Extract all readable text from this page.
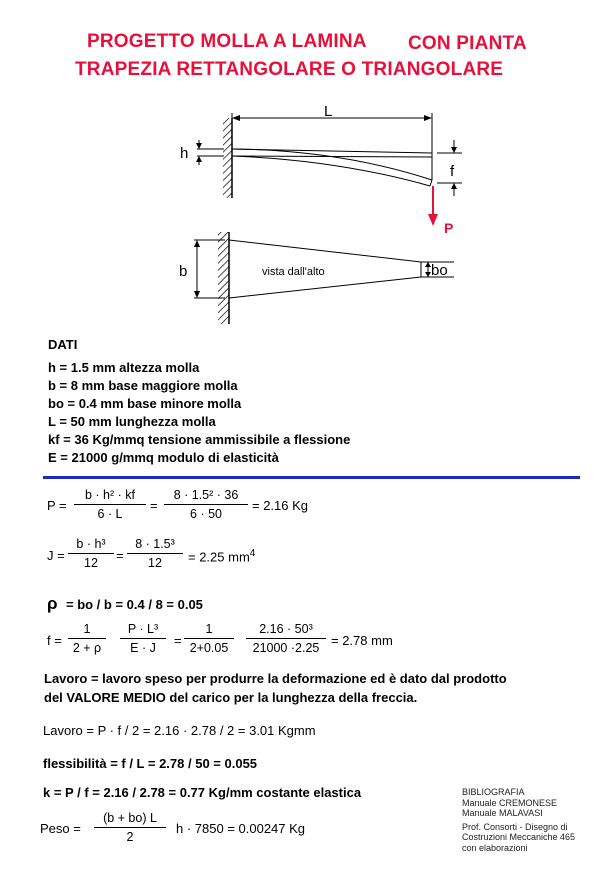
PROGETTO MOLLA A LAMINA CON PIANTA
TRAPEZIA RETTANGOLARE O TRIANGOLARE
L
h
f
P
vista dall'alto
b	bo
DATI
h = 1.5 mm altezza molla
b = 8 mm base maggiore molla
bo = 0.4 mm base minore molla
L = 50 mm lunghezza molla
kf = 36 Kg/mmq tensione ammissibile a flessione
E = 21000 g/mmq modulo di elasticità
$P = \frac{\text{b · h² · kf}}{6 \cdot L} = \frac{\text{8 · 1.5² · 36}}{6 \cdot 50} = 2.16$ Kg
$J = \frac{\text{b · h³}}{12} = \frac{\text{8 · 1.5³}}{12} = 2.25$ $mm^4$
ρ = bo / b = 0.4 / 8 = 0.05
$f = \frac{1}{2 + \rho} \frac{\text{P · L³}}{E \cdot J} = \frac{1}{2+0.05} \frac{\text{2.16 · 50³}}{21000 \cdot 2.25} = 2.78$ mm
Lavoro = lavoro speso per produrre la deformazione ed è dato dal prodotto
del VALORE MEDIO del carico per la lunghezza della freccia.
Lavoro = P · f / 2 = 2.16 · 2.78 / 2 = 3.01 Kgmm
flessibilità = f / L = 2.78 / 50 = 0.055
k = P / f = 2.16 / 2.78 = 0.77 Kg/mm costante elastica
Peso = $\frac{(b + bo) L}{2}$ h · 7850 = 0.00247 Kg
BIBLIOGRAFIA
Manuale CREMONESE
Manuale MALAVASI
Prof. Consorti - Disegno di
Costruzioni Meccaniche 465
con elaborazioni
